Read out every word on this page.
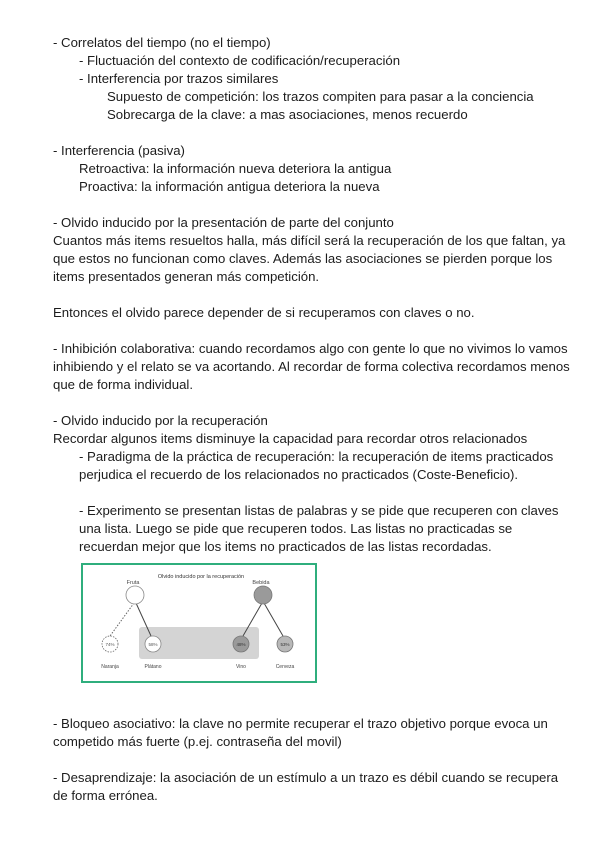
- Correlatos del tiempo (no el tiempo)
- Fluctuación del contexto de codificación/recuperación
- Interferencia por trazos similares
Supuesto de competición: los trazos compiten para pasar a la conciencia
Sobrecarga de la clave: a mas asociaciones, menos recuerdo
- Interferencia (pasiva)
Retroactiva: la información nueva deteriora la antigua
Proactiva: la información antigua deteriora la nueva
- Olvido inducido por la presentación de parte del conjunto
Cuantos más items resueltos halla, más difícil será la recuperación de los que faltan, ya que estos no funcionan como claves. Además las asociaciones se pierden porque los items presentados generan más competición.
Entonces el olvido parece depender de si recuperamos con claves o no.
- Inhibición colaborativa: cuando recordamos algo con gente lo que no vivimos lo vamos inhibiendo y el relato se va acortando. Al recordar de forma colectiva recordamos menos que de forma individual.
- Olvido inducido por la recuperación
Recordar algunos items disminuye la capacidad para recordar otros relacionados
- Paradigma de la práctica de recuperación: la recuperación de items practicados perjudica el recuerdo de los relacionados no practicados (Coste-Beneficio).
- Experimento se presentan listas de palabras y se pide que recuperen con claves una lista. Luego se pide que recuperen todos. Las listas no practicadas se recuerdan mejor que los items no practicados de las listas recordadas.
Olvido inducido por la recuperación
Fruta	Bebida
74%	58%	48%	53%
Naranja	Plátano	Vino	Cerveza
- Bloqueo asociativo: la clave no permite recuperar el trazo objetivo porque evoca un competido más fuerte (p.ej. contraseña del movil)
- Desaprendizaje: la asociación de un estímulo a un trazo es débil cuando se recupera de forma errónea.
